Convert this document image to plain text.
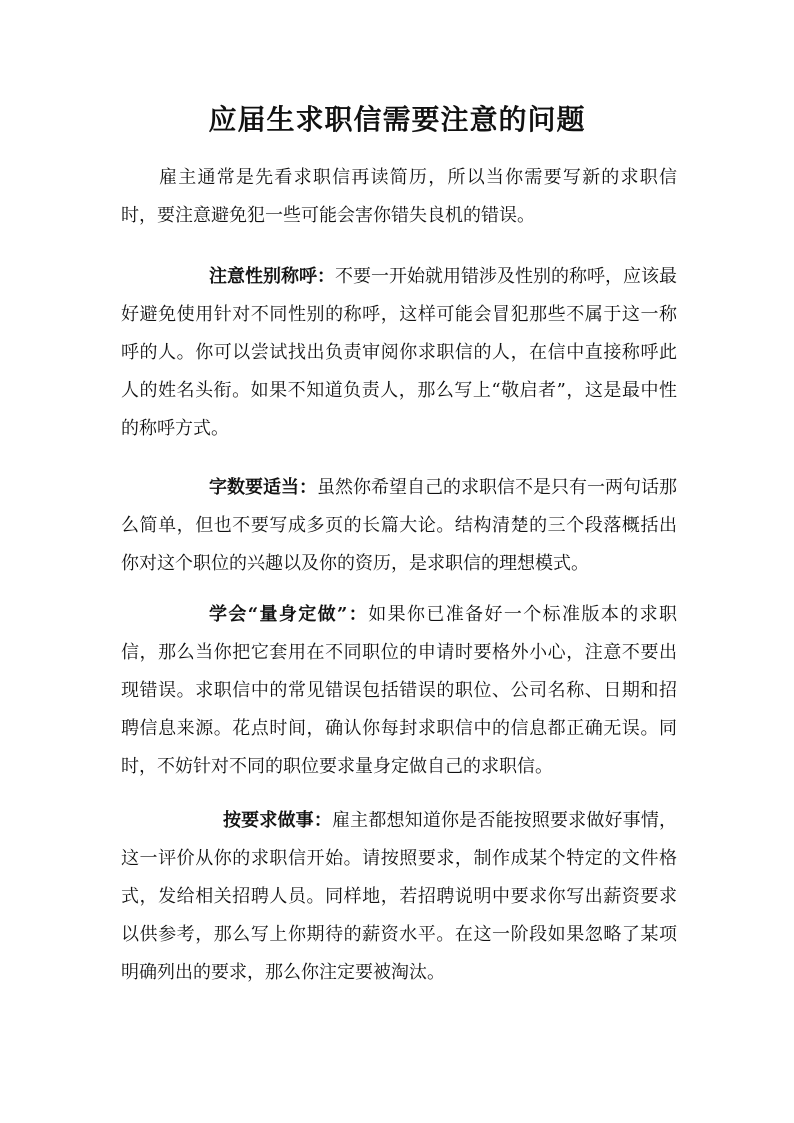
应届生求职信需要注意的问题

雇主通常是先看求职信再读简历，所以当你需要写新的求职信时，要注意避免犯一些可能会害你错失良机的错误。

注意性别称呼：不要一开始就用错涉及性别的称呼，应该最好避免使用针对不同性别的称呼，这样可能会冒犯那些不属于这一称呼的人。你可以尝试找出负责审阅你求职信的人，在信中直接称呼此人的姓名头衔。如果不知道负责人，那么写上“敬启者”，这是最中性的称呼方式。

字数要适当：虽然你希望自己的求职信不是只有一两句话那么简单，但也不要写成多页的长篇大论。结构清楚的三个段落概括出你对这个职位的兴趣以及你的资历，是求职信的理想模式。

学会“量身定做”：如果你已准备好一个标准版本的求职信，那么当你把它套用在不同职位的申请时要格外小心，注意不要出现错误。求职信中的常见错误包括错误的职位、公司名称、日期和招聘信息来源。花点时间，确认你每封求职信中的信息都正确无误。同时，不妨针对不同的职位要求量身定做自己的求职信。

按要求做事：雇主都想知道你是否能按照要求做好事情，这一评价从你的求职信开始。请按照要求，制作成某个特定的文件格式，发给相关招聘人员。同样地，若招聘说明中要求你写出薪资要求以供参考，那么写上你期待的薪资水平。在这一阶段如果忽略了某项明确列出的要求，那么你注定要被淘汰。
